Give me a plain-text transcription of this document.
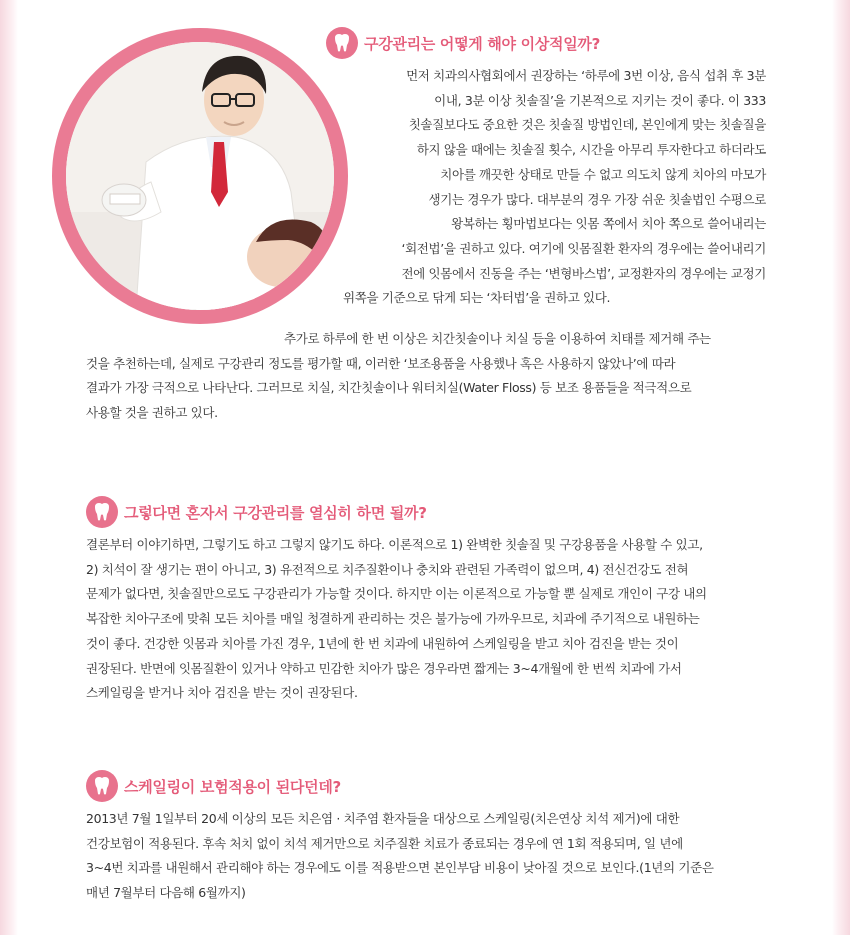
구강관리는 어떻게 해야 이상적일까?
먼저 치과의사협회에서 권장하는 ‘하루에 3번 이상, 음식 섭취 후 3분
이내, 3분 이상 칫솔질’을 기본적으로 지키는 것이 좋다. 이 333
칫솔질보다도 중요한 것은 칫솔질 방법인데, 본인에게 맞는 칫솔질을
하지 않을 때에는 칫솔질 횟수, 시간을 아무리 투자한다고 하더라도
치아를 깨끗한 상태로 만들 수 없고 의도치 않게 치아의 마모가
생기는 경우가 많다. 대부분의 경우 가장 쉬운 칫솔법인 수평으로
왕복하는 횡마법보다는 잇몸 쪽에서 치아 쪽으로 쓸어내리는
‘회전법’을 권하고 있다. 여기에 잇몸질환 환자의 경우에는 쓸어내리기
전에 잇몸에서 진동을 주는 ‘변형바스법’, 교정환자의 경우에는 교정기
위쪽을 기준으로 닦게 되는 ‘차터법’을 권하고 있다.
추가로 하루에 한 번 이상은 치간칫솔이나 치실 등을 이용하여 치태를 제거해 주는
것을 추천하는데, 실제로 구강관리 정도를 평가할 때, 이러한 ‘보조용품을 사용했나 혹은 사용하지 않았나’에 따라
결과가 가장 극적으로 나타난다. 그러므로 치실, 치간칫솔이나 워터치실(Water Floss) 등 보조 용품들을 적극적으로
사용할 것을 권하고 있다.
그렇다면 혼자서 구강관리를 열심히 하면 될까?
결론부터 이야기하면, 그렇기도 하고 그렇지 않기도 하다. 이론적으로 1) 완벽한 칫솔질 및 구강용품을 사용할 수 있고,
2) 치석이 잘 생기는 편이 아니고, 3) 유전적으로 치주질환이나 충치와 관련된 가족력이 없으며, 4) 전신건강도 전혀
문제가 없다면, 칫솔질만으로도 구강관리가 가능할 것이다. 하지만 이는 이론적으로 가능할 뿐 실제로 개인이 구강 내의
복잡한 치아구조에 맞춰 모든 치아를 매일 청결하게 관리하는 것은 불가능에 가까우므로, 치과에 주기적으로 내원하는
것이 좋다. 건강한 잇몸과 치아를 가진 경우, 1년에 한 번 치과에 내원하여 스케일링을 받고 치아 검진을 받는 것이
권장된다. 반면에 잇몸질환이 있거나 약하고 민감한 치아가 많은 경우라면 짧게는 3~4개월에 한 번씩 치과에 가서
스케일링을 받거나 치아 검진을 받는 것이 권장된다.
스케일링이 보험적용이 된다던데?
2013년 7월 1일부터 20세 이상의 모든 치은염 · 치주염 환자들을 대상으로 스케일링(치은연상 치석 제거)에 대한
건강보험이 적용된다. 후속 처치 없이 치석 제거만으로 치주질환 치료가 종료되는 경우에 연 1회 적용되며, 일 년에
3~4번 치과를 내원해서 관리해야 하는 경우에도 이를 적용받으면 본인부담 비용이 낮아질 것으로 보인다.(1년의 기준은
매년 7월부터 다음해 6월까지)
